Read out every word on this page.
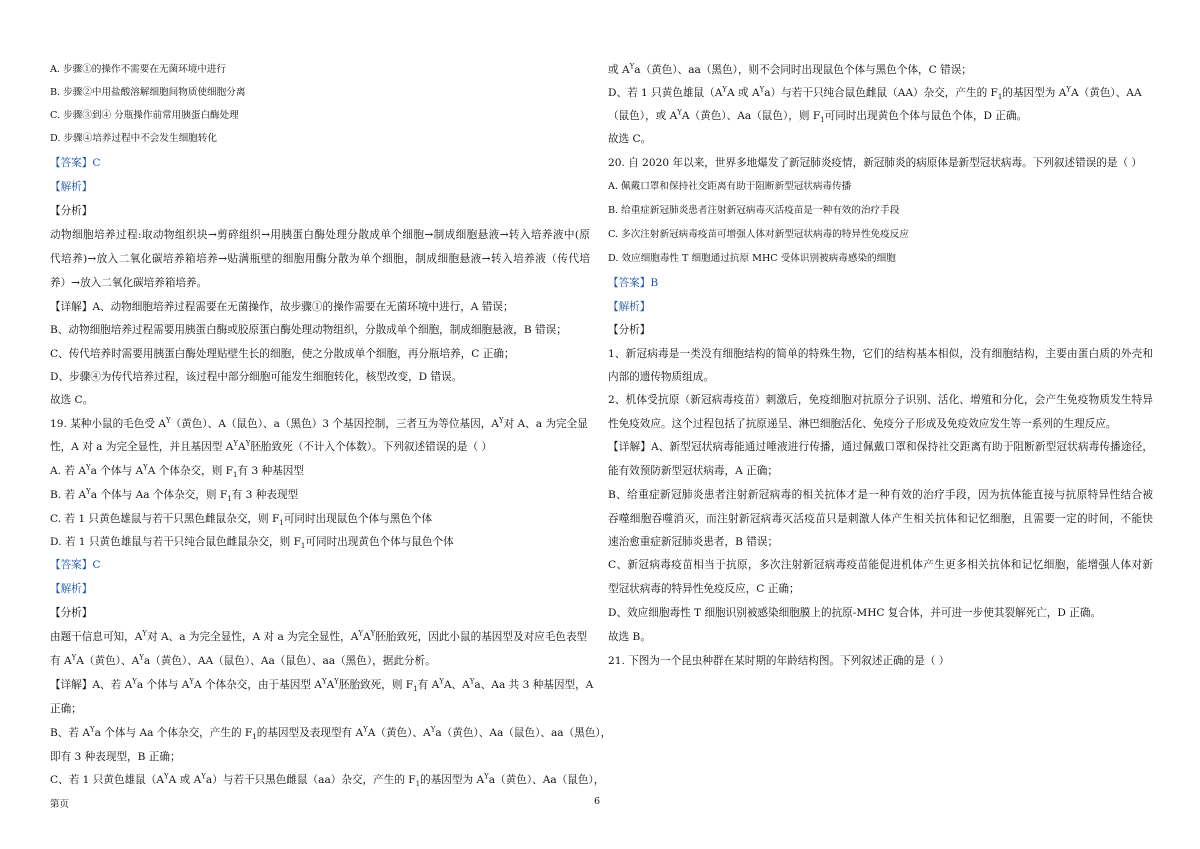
A. 步骤①的操作不需要在无菌环境中进行
B. 步骤②中用盐酸溶解细胞间物质使细胞分离
C. 步骤③到④ 分瓶操作前常用胰蛋白酶处理
D. 步骤④培养过程中不会发生细胞转化
【答案】C
【解析】
【分析】
动物细胞培养过程:取动物组织块→剪碎组织→用胰蛋白酶处理分散成单个细胞→制成细胞悬液→转入培养液中(原
代培养)→放入二氧化碳培养箱培养→贴满瓶壁的细胞用酶分散为单个细胞，制成细胞悬液→转入培养液（传代培
养）→放入二氧化碳培养箱培养。
【详解】A、动物细胞培养过程需要在无菌操作，故步骤①的操作需要在无菌环境中进行，A 错误；
B、动物细胞培养过程需要用胰蛋白酶或胶原蛋白酶处理动物组织，分散成单个细胞，制成细胞悬液，B 错误；
C、传代培养时需要用胰蛋白酶处理贴壁生长的细胞，使之分散成单个细胞，再分瓶培养，C 正确；
D、步骤④为传代培养过程，该过程中部分细胞可能发生细胞转化，核型改变，D 错误。
故选 C。
19. 某种小鼠的毛色受 $A^Y$（黄色）、A（鼠色）、a（黑色）3 个基因控制，三者互为等位基因，$A^Y$对 A、a 为完全显
性，A 对 a 为完全显性，并且基因型 $A^YA^Y$胚胎致死（不计入个体数）。下列叙述错误的是（ ）
A. 若 $A^Ya$ 个体与 $A^YA$ 个体杂交，则 $F_1$有 3 种基因型
B. 若 $A^Ya$ 个体与 Aa 个体杂交，则 $F_1$有 3 种表现型
C. 若 1 只黄色雄鼠与若干只黑色雌鼠杂交，则 $F_1$可同时出现鼠色个体与黑色个体
D. 若 1 只黄色雄鼠与若干只纯合鼠色雌鼠杂交，则 $F_1$可同时出现黄色个体与鼠色个体
【答案】C
【解析】
【分析】
由题干信息可知，$A^Y$对 A、a 为完全显性，A 对 a 为完全显性，$A^YA^Y$胚胎致死，因此小鼠的基因型及对应毛色表型
有 $A^YA$（黄色）、$A^Ya$（黄色）、AA（鼠色）、Aa（鼠色）、aa（黑色），据此分析。
【详解】A、若 $A^Ya$ 个体与 $A^YA$ 个体杂交，由于基因型 $A^YA^Y$胚胎致死，则 $F_1$有 $A^YA$、$A^Ya$、Aa 共 3 种基因型，A
正确；
B、若 $A^Ya$ 个体与 Aa 个体杂交，产生的 $F_1$的基因型及表现型有 $A^YA$（黄色）、$A^Ya$（黄色）、Aa（鼠色）、aa（黑色），
即有 3 种表现型，B 正确；
C、若 1 只黄色雄鼠（$A^YA$ 或 $A^Ya$）与若干只黑色雌鼠（aa）杂交，产生的 $F_1$的基因型为 $A^Ya$（黄色）、Aa（鼠色），
或 $A^Ya$（黄色）、aa（黑色），则不会同时出现鼠色个体与黑色个体，C 错误；
D、若 1 只黄色雄鼠（$A^YA$ 或 $A^Ya$）与若干只纯合鼠色雌鼠（AA）杂交，产生的 $F_1$的基因型为 $A^YA$（黄色）、AA
（鼠色），或 $A^YA$（黄色）、Aa（鼠色），则 $F_1$可同时出现黄色个体与鼠色个体，D 正确。
故选 C。
20. 自 2020 年以来，世界多地爆发了新冠肺炎疫情，新冠肺炎的病原体是新型冠状病毒。下列叙述错误的是（ ）
A. 佩戴口罩和保持社交距离有助于阻断新型冠状病毒传播
B. 给重症新冠肺炎患者注射新冠病毒灭活疫苗是一种有效的治疗手段
C. 多次注射新冠病毒疫苗可增强人体对新型冠状病毒的特异性免疫反应
D. 效应细胞毒性 T 细胞通过抗原 MHC 受体识别被病毒感染的细胞
【答案】B
【解析】
【分析】
1、新冠病毒是一类没有细胞结构的简单的特殊生物，它们的结构基本相似，没有细胞结构，主要由蛋白质的外壳和
内部的遗传物质组成。
2、机体受抗原（新冠病毒疫苗）刺激后，免疫细胞对抗原分子识别、活化、增殖和分化，会产生免疫物质发生特异
性免疫效应。这个过程包括了抗原递呈、淋巴细胞活化、免疫分子形成及免疫效应发生等一系列的生理反应。
【详解】A、新型冠状病毒能通过唾液进行传播，通过佩戴口罩和保持社交距离有助于阻断新型冠状病毒传播途径，
能有效预防新型冠状病毒，A 正确；
B、给重症新冠肺炎患者注射新冠病毒的相关抗体才是一种有效的治疗手段，因为抗体能直接与抗原特异性结合被
吞噬细胞吞噬消灭，而注射新冠病毒灭活疫苗只是刺激人体产生相关抗体和记忆细胞，且需要一定的时间，不能快
速治愈重症新冠肺炎患者，B 错误；
C、新冠病毒疫苗相当于抗原，多次注射新冠病毒疫苗能促进机体产生更多相关抗体和记忆细胞，能增强人体对新
型冠状病毒的特异性免疫反应，C 正确；
D、效应细胞毒性 T 细胞识别被感染细胞膜上的抗原-MHC 复合体，并可进一步使其裂解死亡，D 正确。
故选 B。
21. 下图为一个昆虫种群在某时期的年龄结构图。下列叙述正确的是（ ）
第页	6
